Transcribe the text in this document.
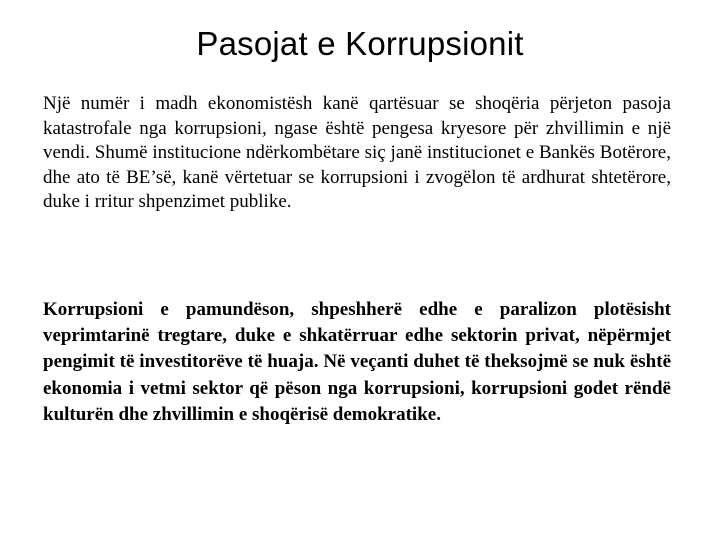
Pasojat e Korrupsionit

Një numër i madh ekonomistësh kanë qartësuar se shoqëria përjeton pasoja katastrofale nga korrupsioni, ngase është pengesa kryesore për zhvillimin e një vendi. Shumë institucione ndërkombëtare siç janë institucionet e Bankës Botërore, dhe ato të BE’së, kanë vërtetuar se korrupsioni i zvogëlon të ardhurat shtetërore, duke i rritur shpenzimet publike.

Korrupsioni e pamundëson, shpeshherë edhe e paralizon plotësisht veprimtarinë tregtare, duke e shkatërruar edhe sektorin privat, nëpërmjet pengimit të investitorëve të huaja. Në veçanti duhet të theksojmë se nuk është ekonomia i vetmi sektor që pëson nga korrupsioni, korrupsioni godet rëndë kulturën dhe zhvillimin e shoqërisë demokratike.
